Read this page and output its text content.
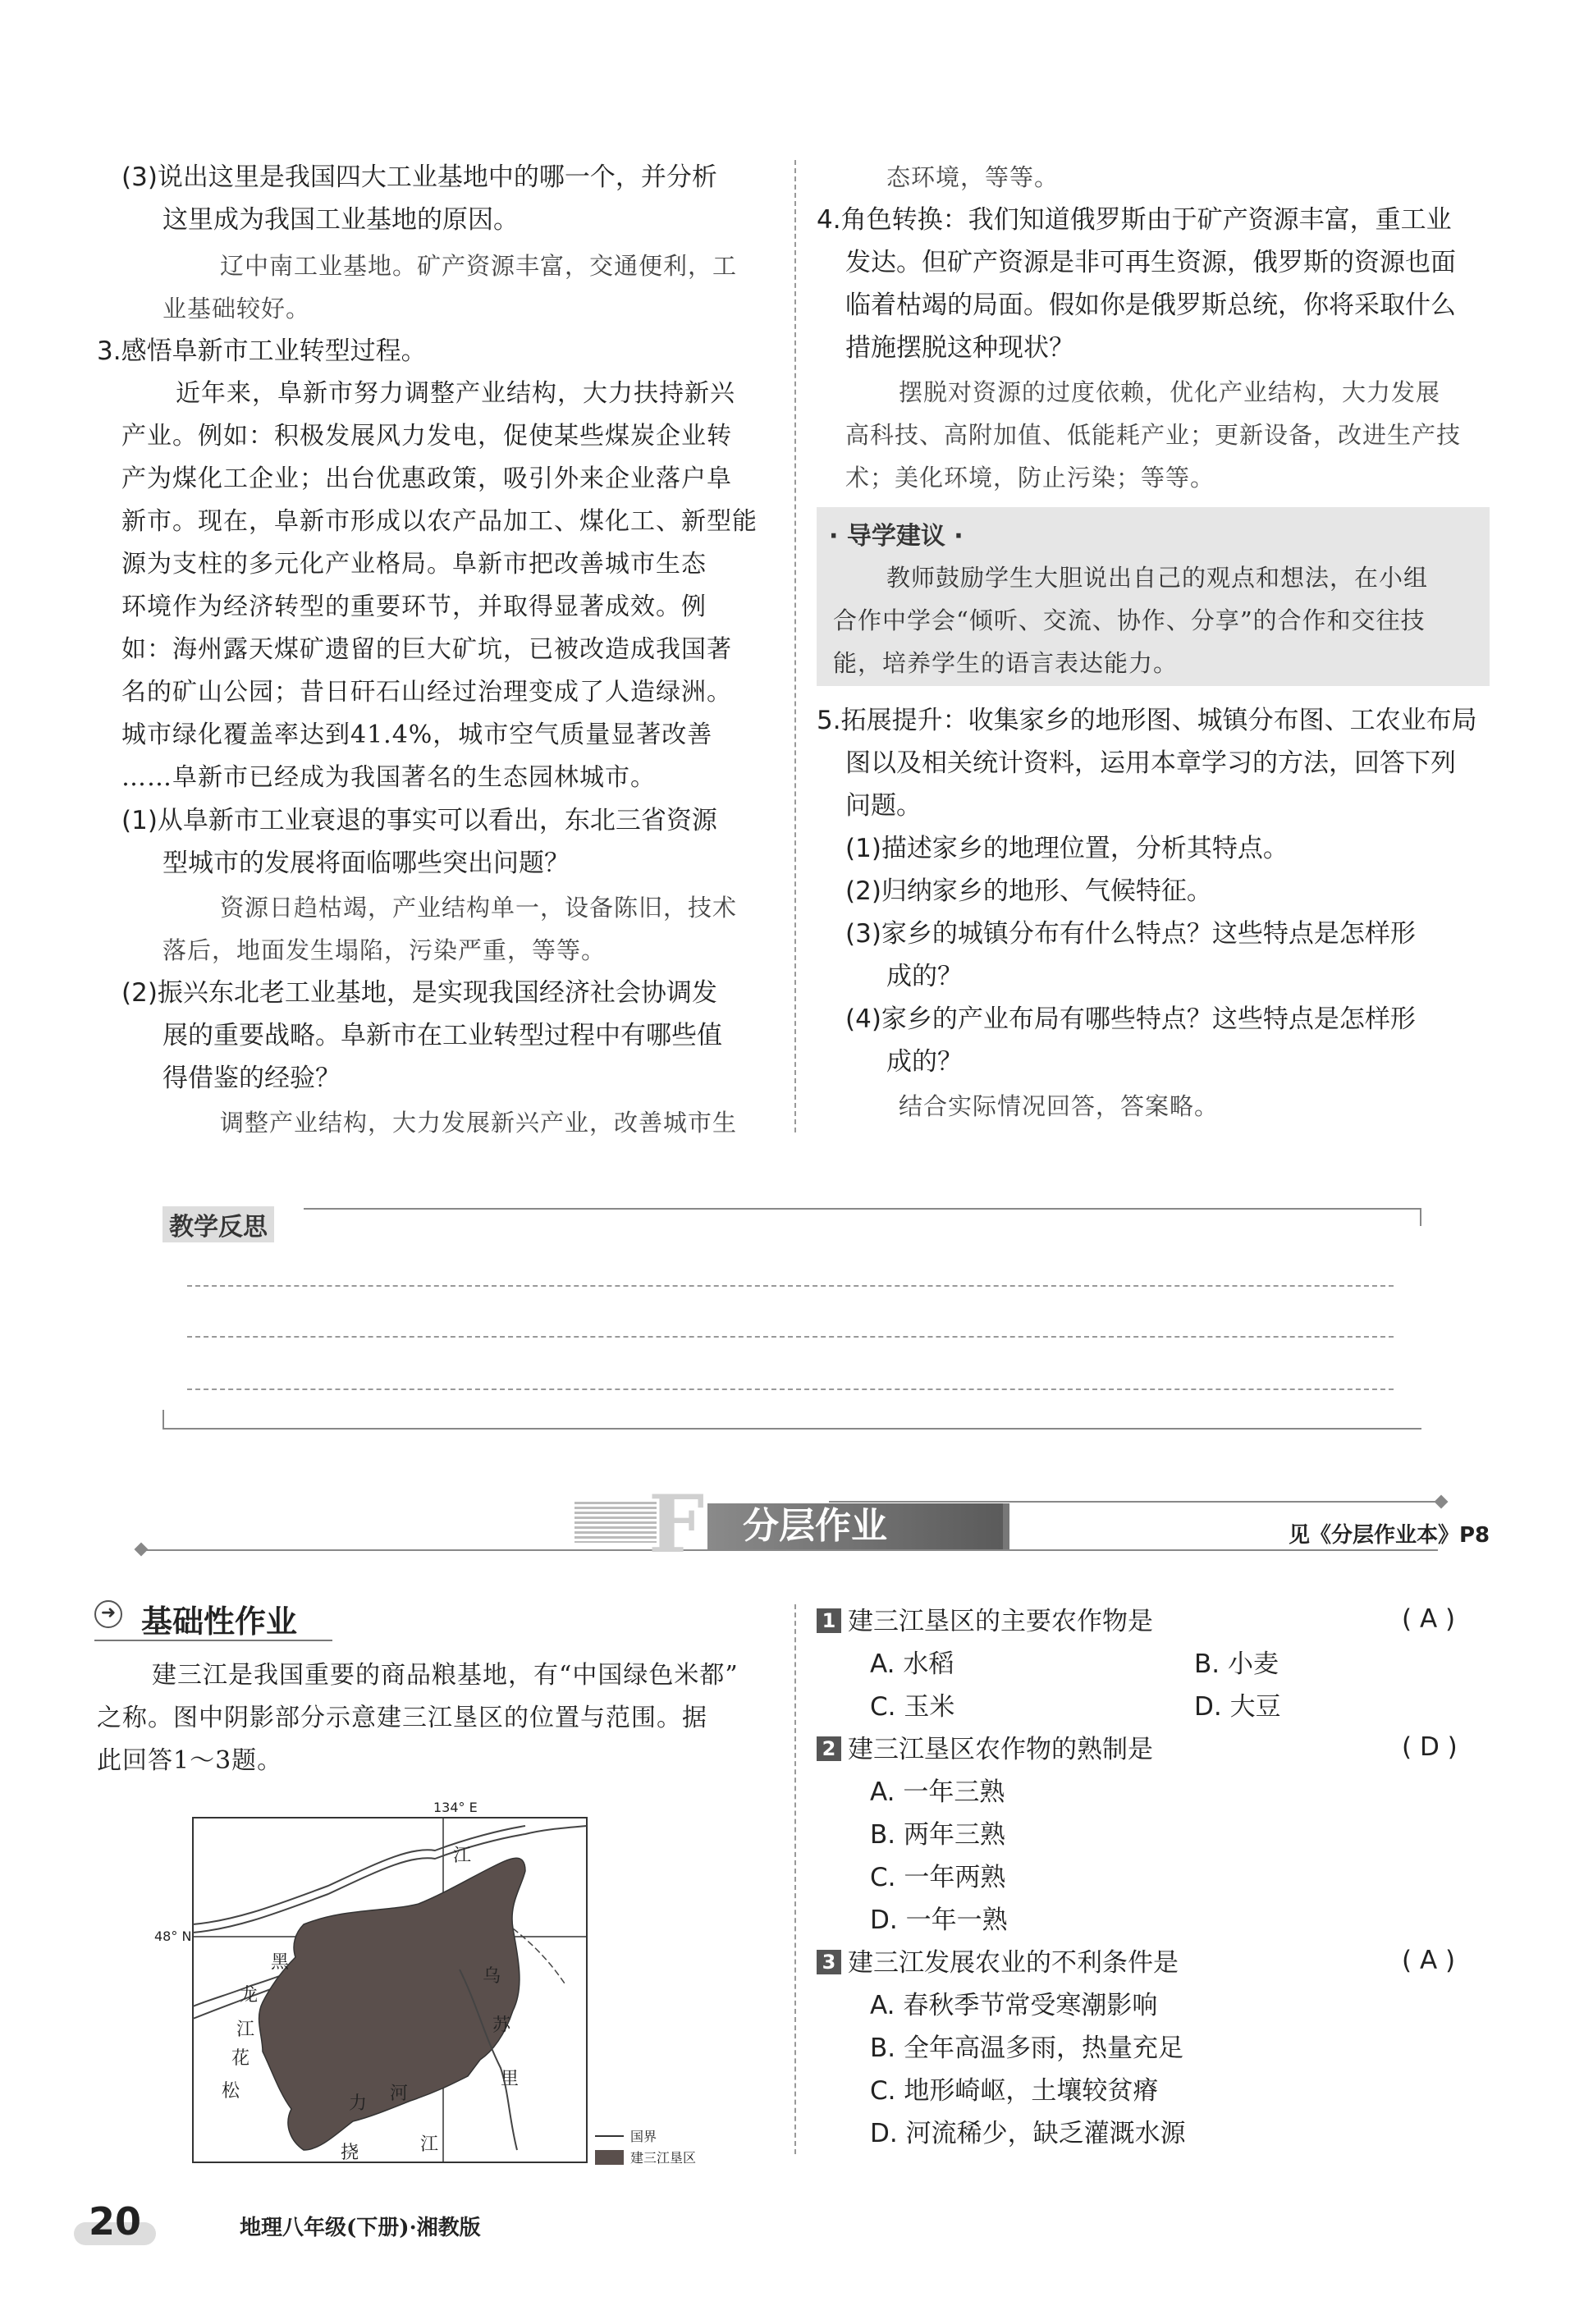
(3)说出这里是我国四大工业基地中的哪一个，并分析
这里成为我国工业基地的原因。
辽中南工业基地。矿产资源丰富，交通便利，工
业基础较好。
3.感悟阜新市工业转型过程。
近年来，阜新市努力调整产业结构，大力扶持新兴
产业。例如：积极发展风力发电，促使某些煤炭企业转
产为煤化工企业；出台优惠政策，吸引外来企业落户阜
新市。现在，阜新市形成以农产品加工、煤化工、新型能
源为支柱的多元化产业格局。阜新市把改善城市生态
环境作为经济转型的重要环节，并取得显著成效。例
如：海州露天煤矿遗留的巨大矿坑，已被改造成我国著
名的矿山公园；昔日矸石山经过治理变成了人造绿洲。
城市绿化覆盖率达到41.4%，城市空气质量显著改善
……阜新市已经成为我国著名的生态园林城市。
(1)从阜新市工业衰退的事实可以看出，东北三省资源
型城市的发展将面临哪些突出问题？
资源日趋枯竭，产业结构单一，设备陈旧，技术
落后，地面发生塌陷，污染严重，等等。
(2)振兴东北老工业基地，是实现我国经济社会协调发
展的重要战略。阜新市在工业转型过程中有哪些值
得借鉴的经验？
调整产业结构，大力发展新兴产业，改善城市生
态环境，等等。
4.角色转换：我们知道俄罗斯由于矿产资源丰富，重工业
发达。但矿产资源是非可再生资源，俄罗斯的资源也面
临着枯竭的局面。假如你是俄罗斯总统，你将采取什么
措施摆脱这种现状？
摆脱对资源的过度依赖，优化产业结构，大力发展
高科技、高附加值、低能耗产业；更新设备，改进生产技
术；美化环境，防止污染；等等。
· 导学建议 ·
教师鼓励学生大胆说出自己的观点和想法，在小组
合作中学会“倾听、交流、协作、分享”的合作和交往技
能，培养学生的语言表达能力。
5.拓展提升：收集家乡的地形图、城镇分布图、工农业布局
图以及相关统计资料，运用本章学习的方法，回答下列
问题。
(1)描述家乡的地理位置，分析其特点。
(2)归纳家乡的地形、气候特征。
(3)家乡的城镇分布有什么特点？这些特点是怎样形
成的？
(4)家乡的产业布局有哪些特点？这些特点是怎样形
成的？
结合实际情况回答，答案略。
教学反思
F 分层作业	见《分层作业本》P8
➜ 基础性作业
建三江是我国重要的商品粮基地，有“中国绿色米都”
之称。图中阴影部分示意建三江垦区的位置与范围。据
此回答1～3题。
134° E
48° N
江
黑
龙
江
花
松
乌
苏
里
力 河
挠	江	国界
建三江垦区
1 建三江垦区的主要农作物是	( A )
A. 水稻	B. 小麦
C. 玉米	D. 大豆
2 建三江垦区农作物的熟制是	( D )
A. 一年三熟
B. 两年三熟
C. 一年两熟
D. 一年一熟
3 建三江发展农业的不利条件是	( A )
A. 春秋季节常受寒潮影响
B. 全年高温多雨，热量充足
C. 地形崎岖，土壤较贫瘠
D. 河流稀少，缺乏灌溉水源
20	地理八年级(下册)·湘教版
